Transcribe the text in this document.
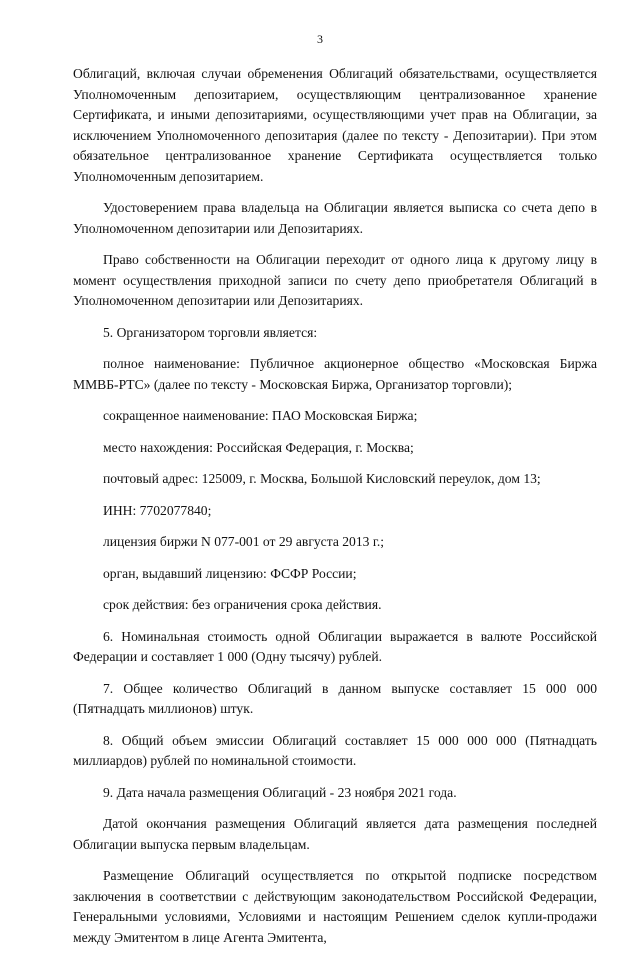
3

Облигаций, включая случаи обременения Облигаций обязательствами, осуществляется Уполномоченным депозитарием, осуществляющим централизованное хранение Сертификата, и иными депозитариями, осуществляющими учет прав на Облигации, за исключением Уполномоченного депозитария (далее по тексту - Депозитарии). При этом обязательное централизованное хранение Сертификата осуществляется только Уполномоченным депозитарием.

Удостоверением права владельца на Облигации является выписка со счета депо в Уполномоченном депозитарии или Депозитариях.

Право собственности на Облигации переходит от одного лица к другому лицу в момент осуществления приходной записи по счету депо приобретателя Облигаций в Уполномоченном депозитарии или Депозитариях.

5. Организатором торговли является:

полное наименование: Публичное акционерное общество «Московская Биржа ММВБ-РТС» (далее по тексту - Московская Биржа, Организатор торговли);

сокращенное наименование: ПАО Московская Биржа;

место нахождения: Российская Федерация, г. Москва;

почтовый адрес: 125009, г. Москва, Большой Кисловский переулок, дом 13;

ИНН: 7702077840;

лицензия биржи N 077-001 от 29 августа 2013 г.;

орган, выдавший лицензию: ФСФР России;

срок действия: без ограничения срока действия.

6. Номинальная стоимость одной Облигации выражается в валюте Российской Федерации и составляет 1 000 (Одну тысячу) рублей.

7. Общее количество Облигаций в данном выпуске составляет 15 000 000 (Пятнадцать миллионов) штук.

8. Общий объем эмиссии Облигаций составляет 15 000 000 000 (Пятнадцать миллиардов) рублей по номинальной стоимости.

9. Дата начала размещения Облигаций - 23 ноября 2021 года.

Датой окончания размещения Облигаций является дата размещения последней Облигации выпуска первым владельцам.

Размещение Облигаций осуществляется по открытой подписке посредством заключения в соответствии с действующим законодательством Российской Федерации, Генеральными условиями, Условиями и настоящим Решением сделок купли-продажи между Эмитентом в лице Агента Эмитента,
